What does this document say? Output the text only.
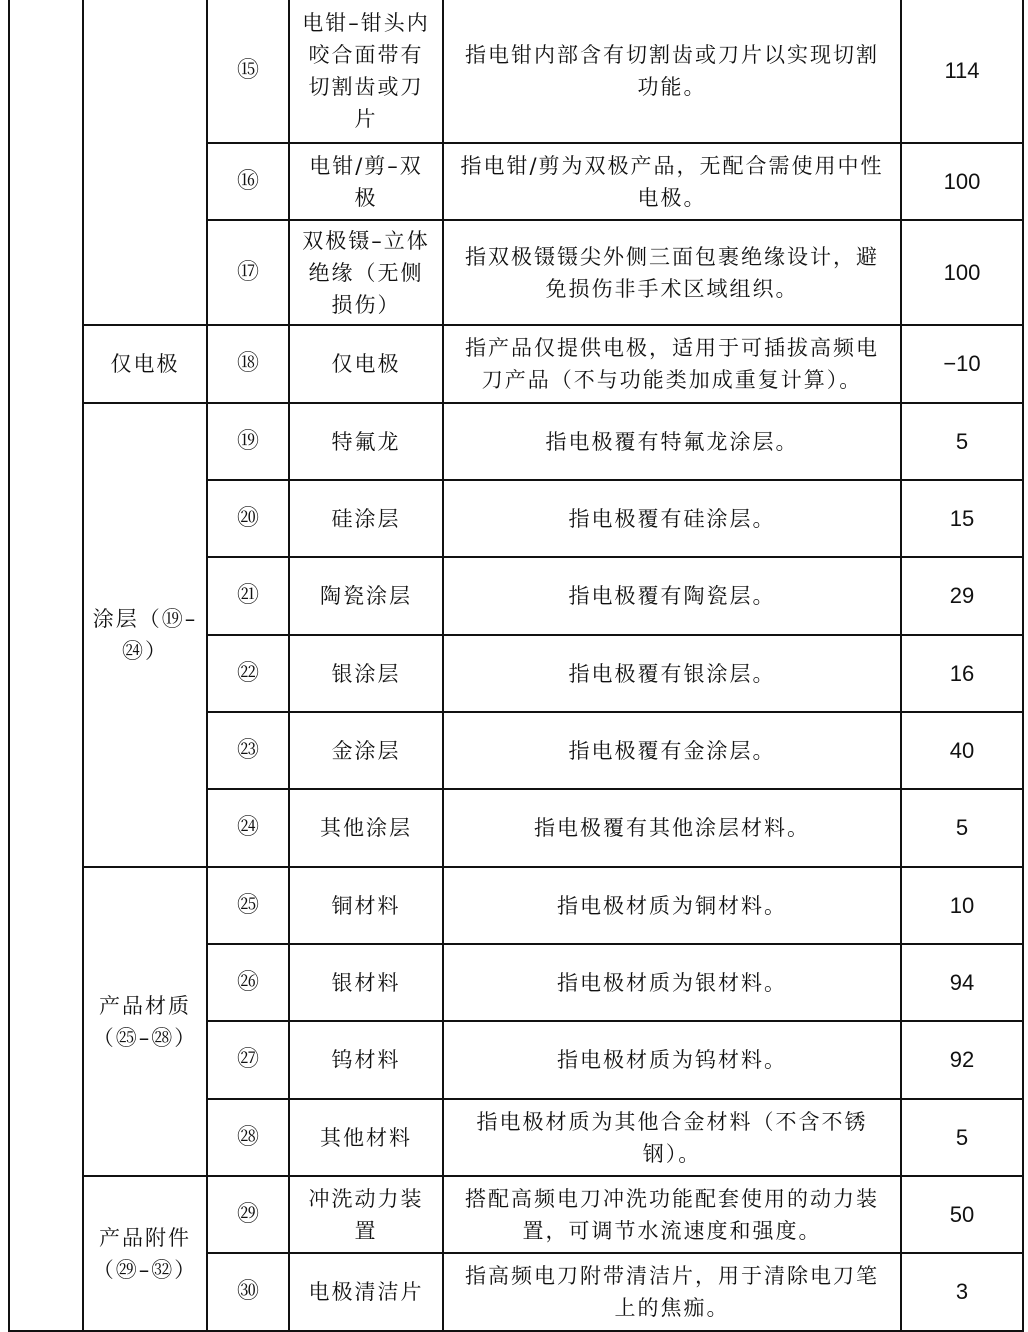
		⑮	电钳–钳头内咬合面带有切割齿或刀片	指电钳内部含有切割齿或刀片以实现切割功能。	114
		⑯	电钳/剪–双极	指电钳/剪为双极产品，无配合需使用中性电极。	100
		⑰	双极镊–立体绝缘（无侧损伤）	指双极镊镊尖外侧三面包裹绝缘设计，避免损伤非手术区域组织。	100
	仅电极	⑱	仅电极	指产品仅提供电极，适用于可插拔高频电刀产品（不与功能类加成重复计算）。	−10
	涂层（⑲–㉔）	⑲	特氟龙	指电极覆有特氟龙涂层。	5
		⑳	硅涂层	指电极覆有硅涂层。	15
		㉑	陶瓷涂层	指电极覆有陶瓷层。	29
		㉒	银涂层	指电极覆有银涂层。	16
		㉓	金涂层	指电极覆有金涂层。	40
		㉔	其他涂层	指电极覆有其他涂层材料。	5
	产品材质（㉕–㉘）	㉕	铜材料	指电极材质为铜材料。	10
		㉖	银材料	指电极材质为银材料。	94
		㉗	钨材料	指电极材质为钨材料。	92
		㉘	其他材料	指电极材质为其他合金材料（不含不锈钢）。	5
	产品附件（㉙–㉜）	㉙	冲洗动力装置	搭配高频电刀冲洗功能配套使用的动力装置，可调节水流速度和强度。	50
		㉚	电极清洁片	指高频电刀附带清洁片，用于清除电刀笔上的焦痂。	3
